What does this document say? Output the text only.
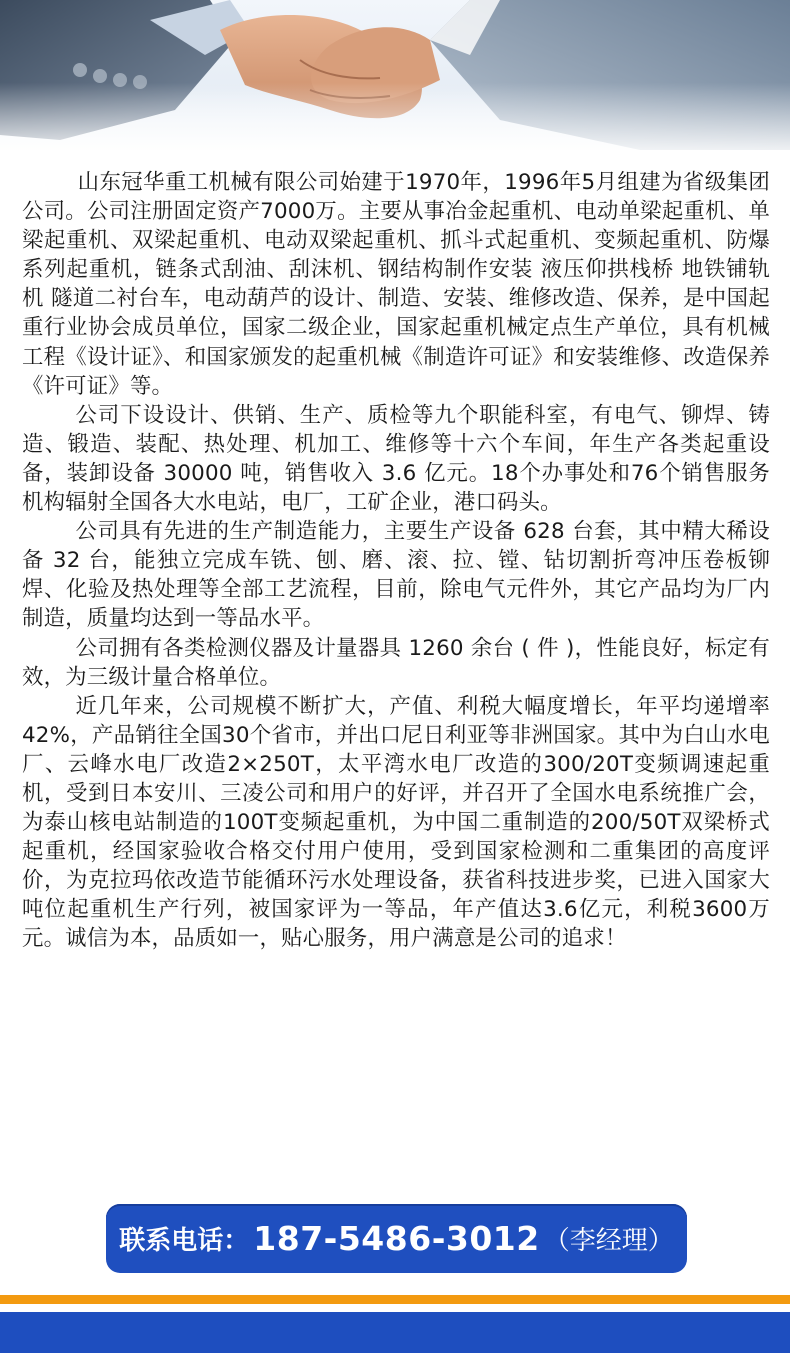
山东冠华重工机械有限公司始建于1970年，1996年5月组建为省级集团公司。公司注册固定资产7000万。主要从事冶金起重机、电动单梁起重机、单梁起重机、双梁起重机、电动双梁起重机、抓斗式起重机、变频起重机、防爆系列起重机，链条式刮油、刮沫机、钢结构制作安装 液压仰拱栈桥 地铁铺轨机 隧道二衬台车，电动葫芦的设计、制造、安装、维修改造、保养，是中国起重行业协会成员单位，国家二级企业，国家起重机械定点生产单位，具有机械工程《设计证》、和国家颁发的起重机械《制造许可证》和安装维修、改造保养《许可证》等。

公司下设设计、供销、生产、质检等九个职能科室，有电气、铆焊、铸造、锻造、装配、热处理、机加工、维修等十六个车间，年生产各类起重设备，装卸设备 30000 吨，销售收入 3.6 亿元。18个办事处和76个销售服务机构辐射全国各大水电站，电厂，工矿企业，港口码头。

公司具有先进的生产制造能力，主要生产设备 628 台套，其中精大稀设备 32 台，能独立完成车铣、刨、磨、滚、拉、镗、钻切割折弯冲压卷板铆焊、化验及热处理等全部工艺流程，目前，除电气元件外，其它产品均为厂内制造，质量均达到一等品水平。

公司拥有各类检测仪器及计量器具 1260 余台 ( 件 )，性能良好，标定有效，为三级计量合格单位。

近几年来，公司规模不断扩大，产值、利税大幅度增长，年平均递增率42%，产品销往全国30个省市，并出口尼日利亚等非洲国家。其中为白山水电厂、云峰水电厂改造2×250T，太平湾水电厂改造的300/20T变频调速起重机，受到日本安川、三凌公司和用户的好评，并召开了全国水电系统推广会，为泰山核电站制造的100T变频起重机，为中国二重制造的200/50T双梁桥式起重机，经国家验收合格交付用户使用，受到国家检测和二重集团的高度评价，为克拉玛依改造节能循环污水处理设备，获省科技进步奖，已进入国家大吨位起重机生产行列，被国家评为一等品，年产值达3.6亿元，利税3600万元。诚信为本，品质如一，贴心服务，用户满意是公司的追求！

联系电话： 187-5486-3012 （李经理）
